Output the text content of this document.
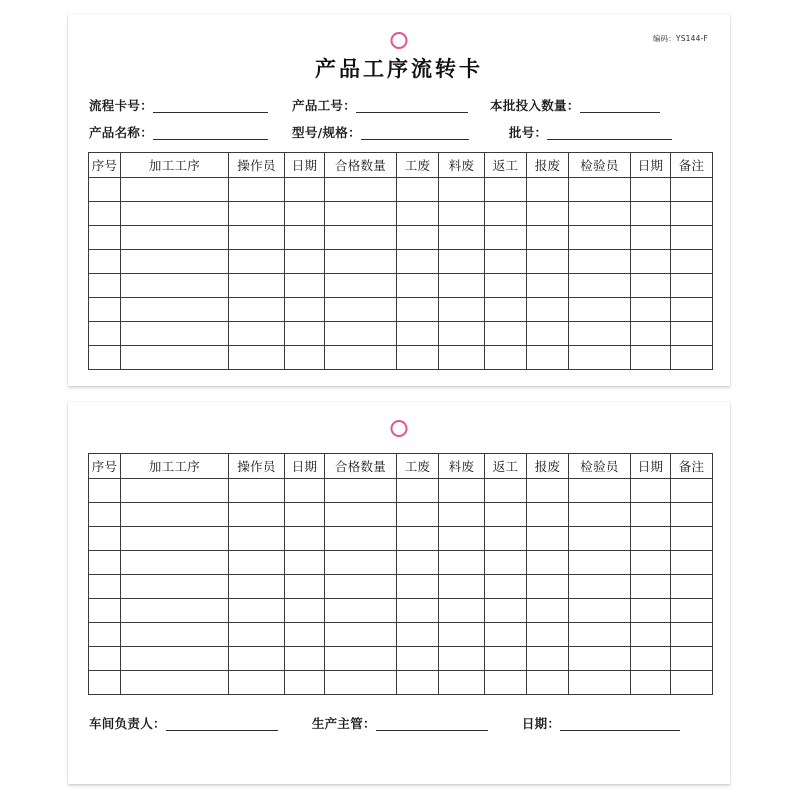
编码：YS144-F
产品工序流转卡
流程卡号：	产品工号：	本批投入数量：
产品名称：	型号/规格：	批号：
序号	加工工序	操作员	日期	合格数量	工废	料废	返工	报废	检验员	日期	备注

序号	加工工序	操作员	日期	合格数量	工废	料废	返工	报废	检验员	日期	备注

车间负责人：	生产主管：	日期：
